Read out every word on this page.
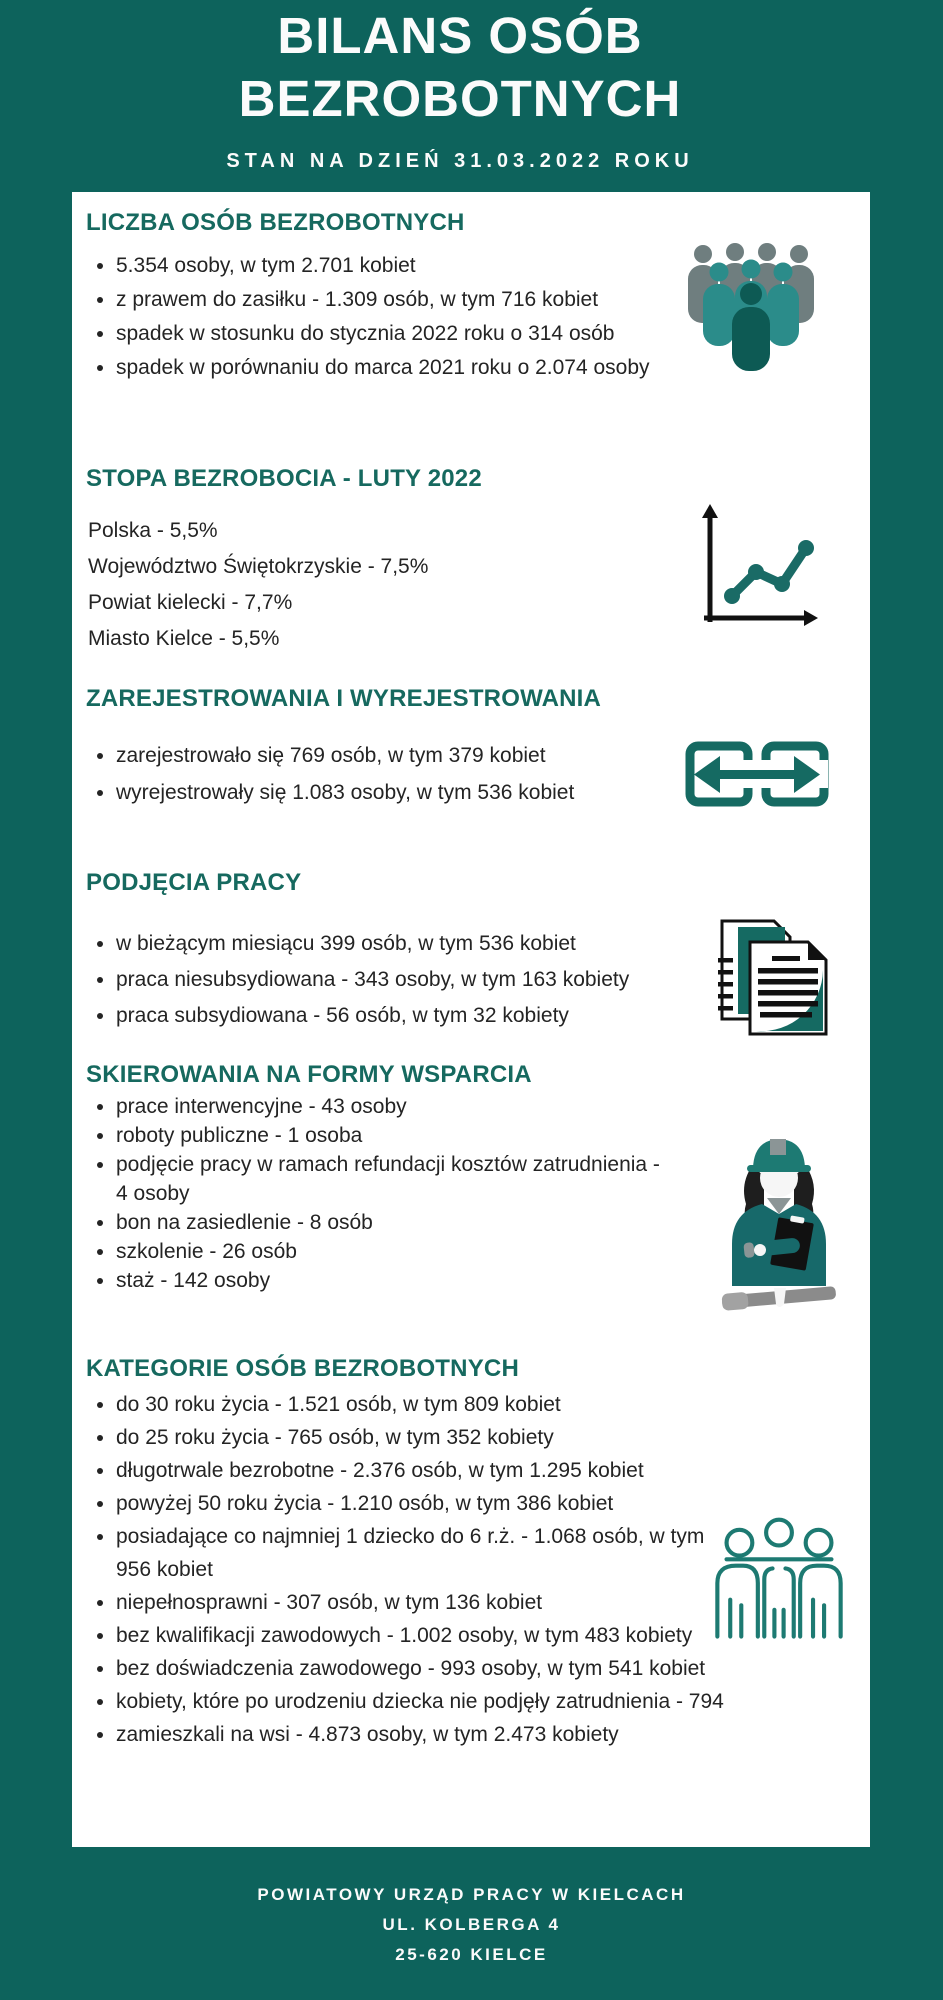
BILANS OSÓB
BEZROBOTNYCH
STAN NA DZIEŃ 31.03.2022 ROKU
LICZBA OSÓB BEZROBOTNYCH
• 5.354 osoby, w tym 2.701 kobiet
• z prawem do zasiłku - 1.309 osób, w tym 716 kobiet
• spadek w stosunku do stycznia 2022 roku o 314 osób
• spadek w porównaniu do marca 2021 roku o 2.074 osoby
STOPA BEZROBOCIA - LUTY 2022
Polska - 5,5%
Województwo Świętokrzyskie - 7,5%
Powiat kielecki - 7,7%
Miasto Kielce - 5,5%
ZAREJESTROWANIA I WYREJESTROWANIA
• zarejestrowało się 769 osób, w tym 379 kobiet
• wyrejestrowały się 1.083 osoby, w tym 536 kobiet
PODJĘCIA PRACY
• w bieżącym miesiącu 399 osób, w tym 536 kobiet
• praca niesubsydiowana - 343 osoby, w tym 163 kobiety
• praca subsydiowana - 56 osób, w tym 32 kobiety
SKIEROWANIA NA FORMY WSPARCIA
• prace interwencyjne - 43 osoby
• roboty publiczne - 1 osoba
• podjęcie pracy w ramach refundacji kosztów zatrudnienia - 4 osoby
• bon na zasiedlenie - 8 osób
• szkolenie - 26 osób
• staż - 142 osoby
KATEGORIE OSÓB BEZROBOTNYCH
• do 30 roku życia - 1.521 osób, w tym 809 kobiet
• do 25 roku życia - 765 osób, w tym 352 kobiety
• długotrwale bezrobotne - 2.376 osób, w tym 1.295 kobiet
• powyżej 50 roku życia - 1.210 osób, w tym 386 kobiet
• posiadające co najmniej 1 dziecko do 6 r.ż. - 1.068 osób, w tym 956 kobiet
• niepełnosprawni - 307 osób, w tym 136 kobiet
• bez kwalifikacji zawodowych - 1.002 osoby, w tym 483 kobiety
• bez doświadczenia zawodowego - 993 osoby, w tym 541 kobiet
• kobiety, które po urodzeniu dziecka nie podjęły zatrudnienia - 794
• zamieszkali na wsi - 4.873 osoby, w tym 2.473 kobiety
POWIATOWY URZĄD PRACY W KIELCACH
UL. KOLBERGA 4
25-620 KIELCE
